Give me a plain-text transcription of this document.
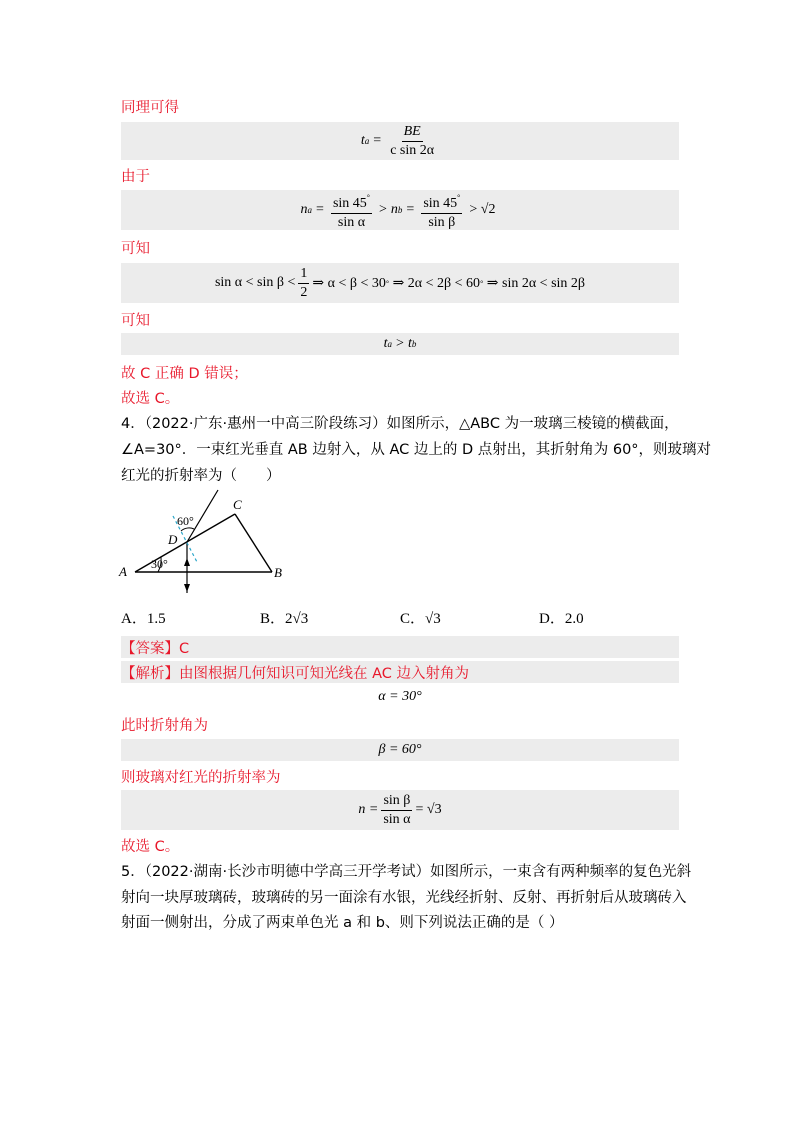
同理可得
t $a = \frac{BE}{\text{c sin 2α}}$
由于
n $a = \frac{\sin 45^\circ}{\text{sin α}} > n$ $b = \frac{\sin 45^\circ}{\text{sin β}} > √2$
可知
$\sin \alpha < \sin \beta < \frac{1}{2}$ ⇒ α < β < 30 °
⇒ 2α < 2β < 60 °
⇒ sin 2α < sin 2β
可知
t a > t b
故 C 正确 D 错误；
故选 C。
4．（2022·广东·惠州一中高三阶段练习）如图所示，△ABC 为一玻璃三棱镜的横截面，
∠A=30°．一束红光垂直 AB 边射入，从 AC 边上的 D 点射出，其折射角为 60°，则玻璃对
红光的折射率为（　　）
A	B
C
D
30°
60°
A．1.5	B．2√3	C．√3	D．2.0
【答案】C
【解析】由图根据几何知识可知光线在 AC 边入射角为
α = 30°
此时折射角为
β = 60°
则玻璃对红光的折射率为
$n = \frac{\text{sin β}}{\text{sin α}} = √3$
故选 C。
5．（2022·湖南·长沙市明德中学高三开学考试）如图所示，一束含有两种频率的复色光斜
射向一块厚玻璃砖，玻璃砖的另一面涂有水银，光线经折射、反射、再折射后从玻璃砖入
射面一侧射出，分成了两束单色光 a 和 b、则下列说法正确的是（ ）
